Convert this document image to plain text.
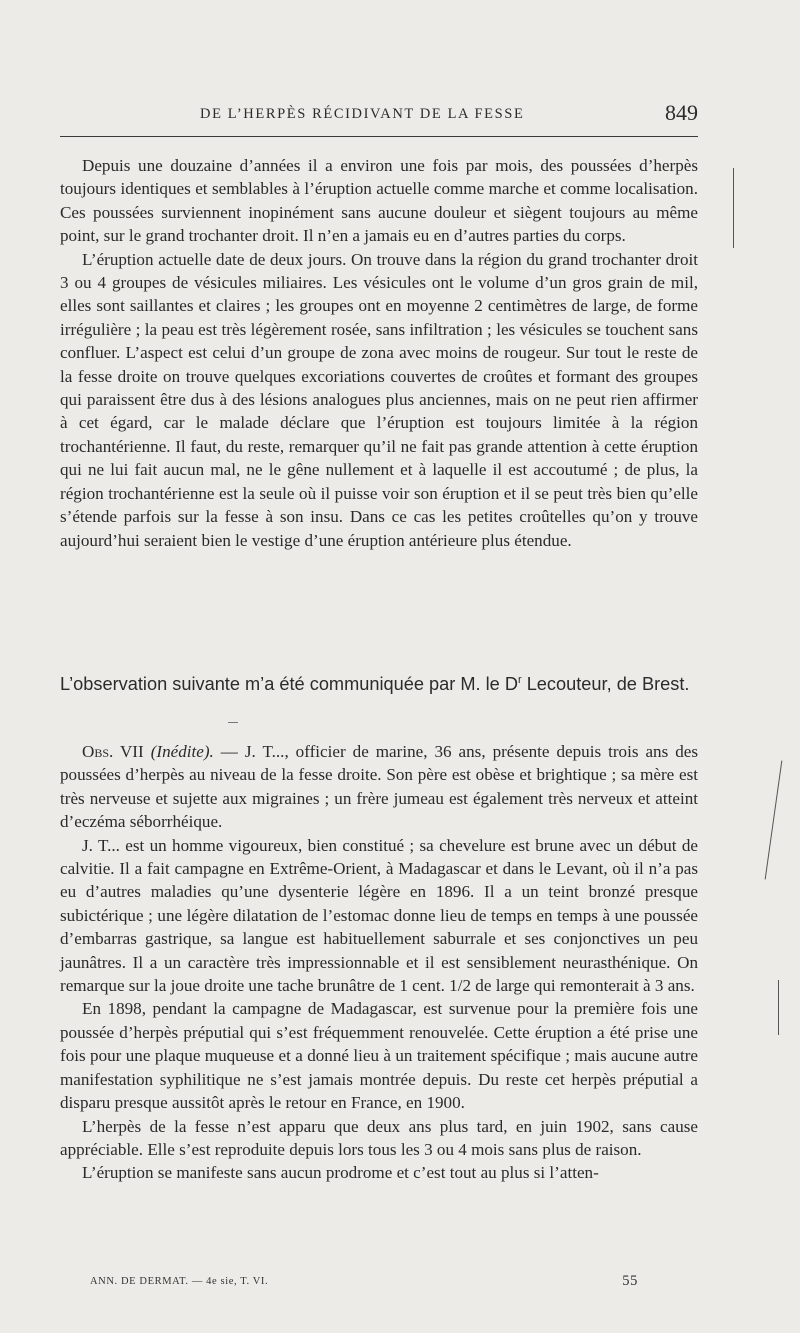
DE L’HERPÈS RÉCIDIVANT DE LA FESSE	849

Depuis une douzaine d’années il a environ une fois par mois, des poussées d’herpès toujours identiques et semblables à l’éruption actuelle comme marche et comme localisation. Ces poussées surviennent inopinément sans aucune douleur et siègent toujours au même point, sur le grand trochanter droit. Il n’en a jamais eu en d’autres parties du corps.

L’éruption actuelle date de deux jours. On trouve dans la région du grand trochanter droit 3 ou 4 groupes de vésicules miliaires. Les vésicules ont le volume d’un gros grain de mil, elles sont saillantes et claires ; les groupes ont en moyenne 2 centimètres de large, de forme irrégulière ; la peau est très légèrement rosée, sans infiltration ; les vésicules se touchent sans confluer. L’aspect est celui d’un groupe de zona avec moins de rougeur. Sur tout le reste de la fesse droite on trouve quelques excoriations couvertes de croûtes et formant des groupes qui paraissent être dus à des lésions analogues plus anciennes, mais on ne peut rien affirmer à cet égard, car le malade déclare que l’éruption est toujours limitée à la région trochantérienne. Il faut, du reste, remarquer qu’il ne fait pas grande attention à cette éruption qui ne lui fait aucun mal, ne le gêne nullement et à laquelle il est accoutumé ; de plus, la région trochantérienne est la seule où il puisse voir son éruption et il se peut très bien qu’elle s’étende parfois sur la fesse à son insu. Dans ce cas les petites croûtelles qu’on y trouve aujourd’hui seraient bien le vestige d’une éruption antérieure plus étendue.

L’observation suivante m’a été communiquée par M. le $D^r$ Lecouteur, de Brest.

Obs. VII (Inédite). — J. T..., officier de marine, 36 ans, présente depuis trois ans des poussées d’herpès au niveau de la fesse droite. Son père est obèse et brightique ; sa mère est très nerveuse et sujette aux migraines ; un frère jumeau est également très nerveux et atteint d’eczéma séborrhéique.

J. T... est un homme vigoureux, bien constitué ; sa chevelure est brune avec un début de calvitie. Il a fait campagne en Extrême-Orient, à Madagascar et dans le Levant, où il n’a pas eu d’autres maladies qu’une dysenterie légère en 1896. Il a un teint bronzé presque subictérique ; une légère dilatation de l’estomac donne lieu de temps en temps à une poussée d’embarras gastrique, sa langue est habituellement saburrale et ses conjonctives un peu jaunâtres. Il a un caractère très impressionnable et il est sensiblement neurasthénique. On remarque sur la joue droite une tache brunâtre de 1 cent. 1/2 de large qui remonterait à 3 ans.

En 1898, pendant la campagne de Madagascar, est survenue pour la première fois une poussée d’herpès préputial qui s’est fréquemment renouvelée. Cette éruption a été prise une fois pour une plaque muqueuse et a donné lieu à un traitement spécifique ; mais aucune autre manifestation syphilitique ne s’est jamais montrée depuis. Du reste cet herpès préputial a disparu presque aussitôt après le retour en France, en 1900.

L’herpès de la fesse n’est apparu que deux ans plus tard, en juin 1902, sans cause appréciable. Elle s’est reproduite depuis lors tous les 3 ou 4 mois sans plus de raison.

L’éruption se manifeste sans aucun prodrome et c’est tout au plus si l’atten-

ANN. DE DERMAT. — 4e sie, T. VI.	55
